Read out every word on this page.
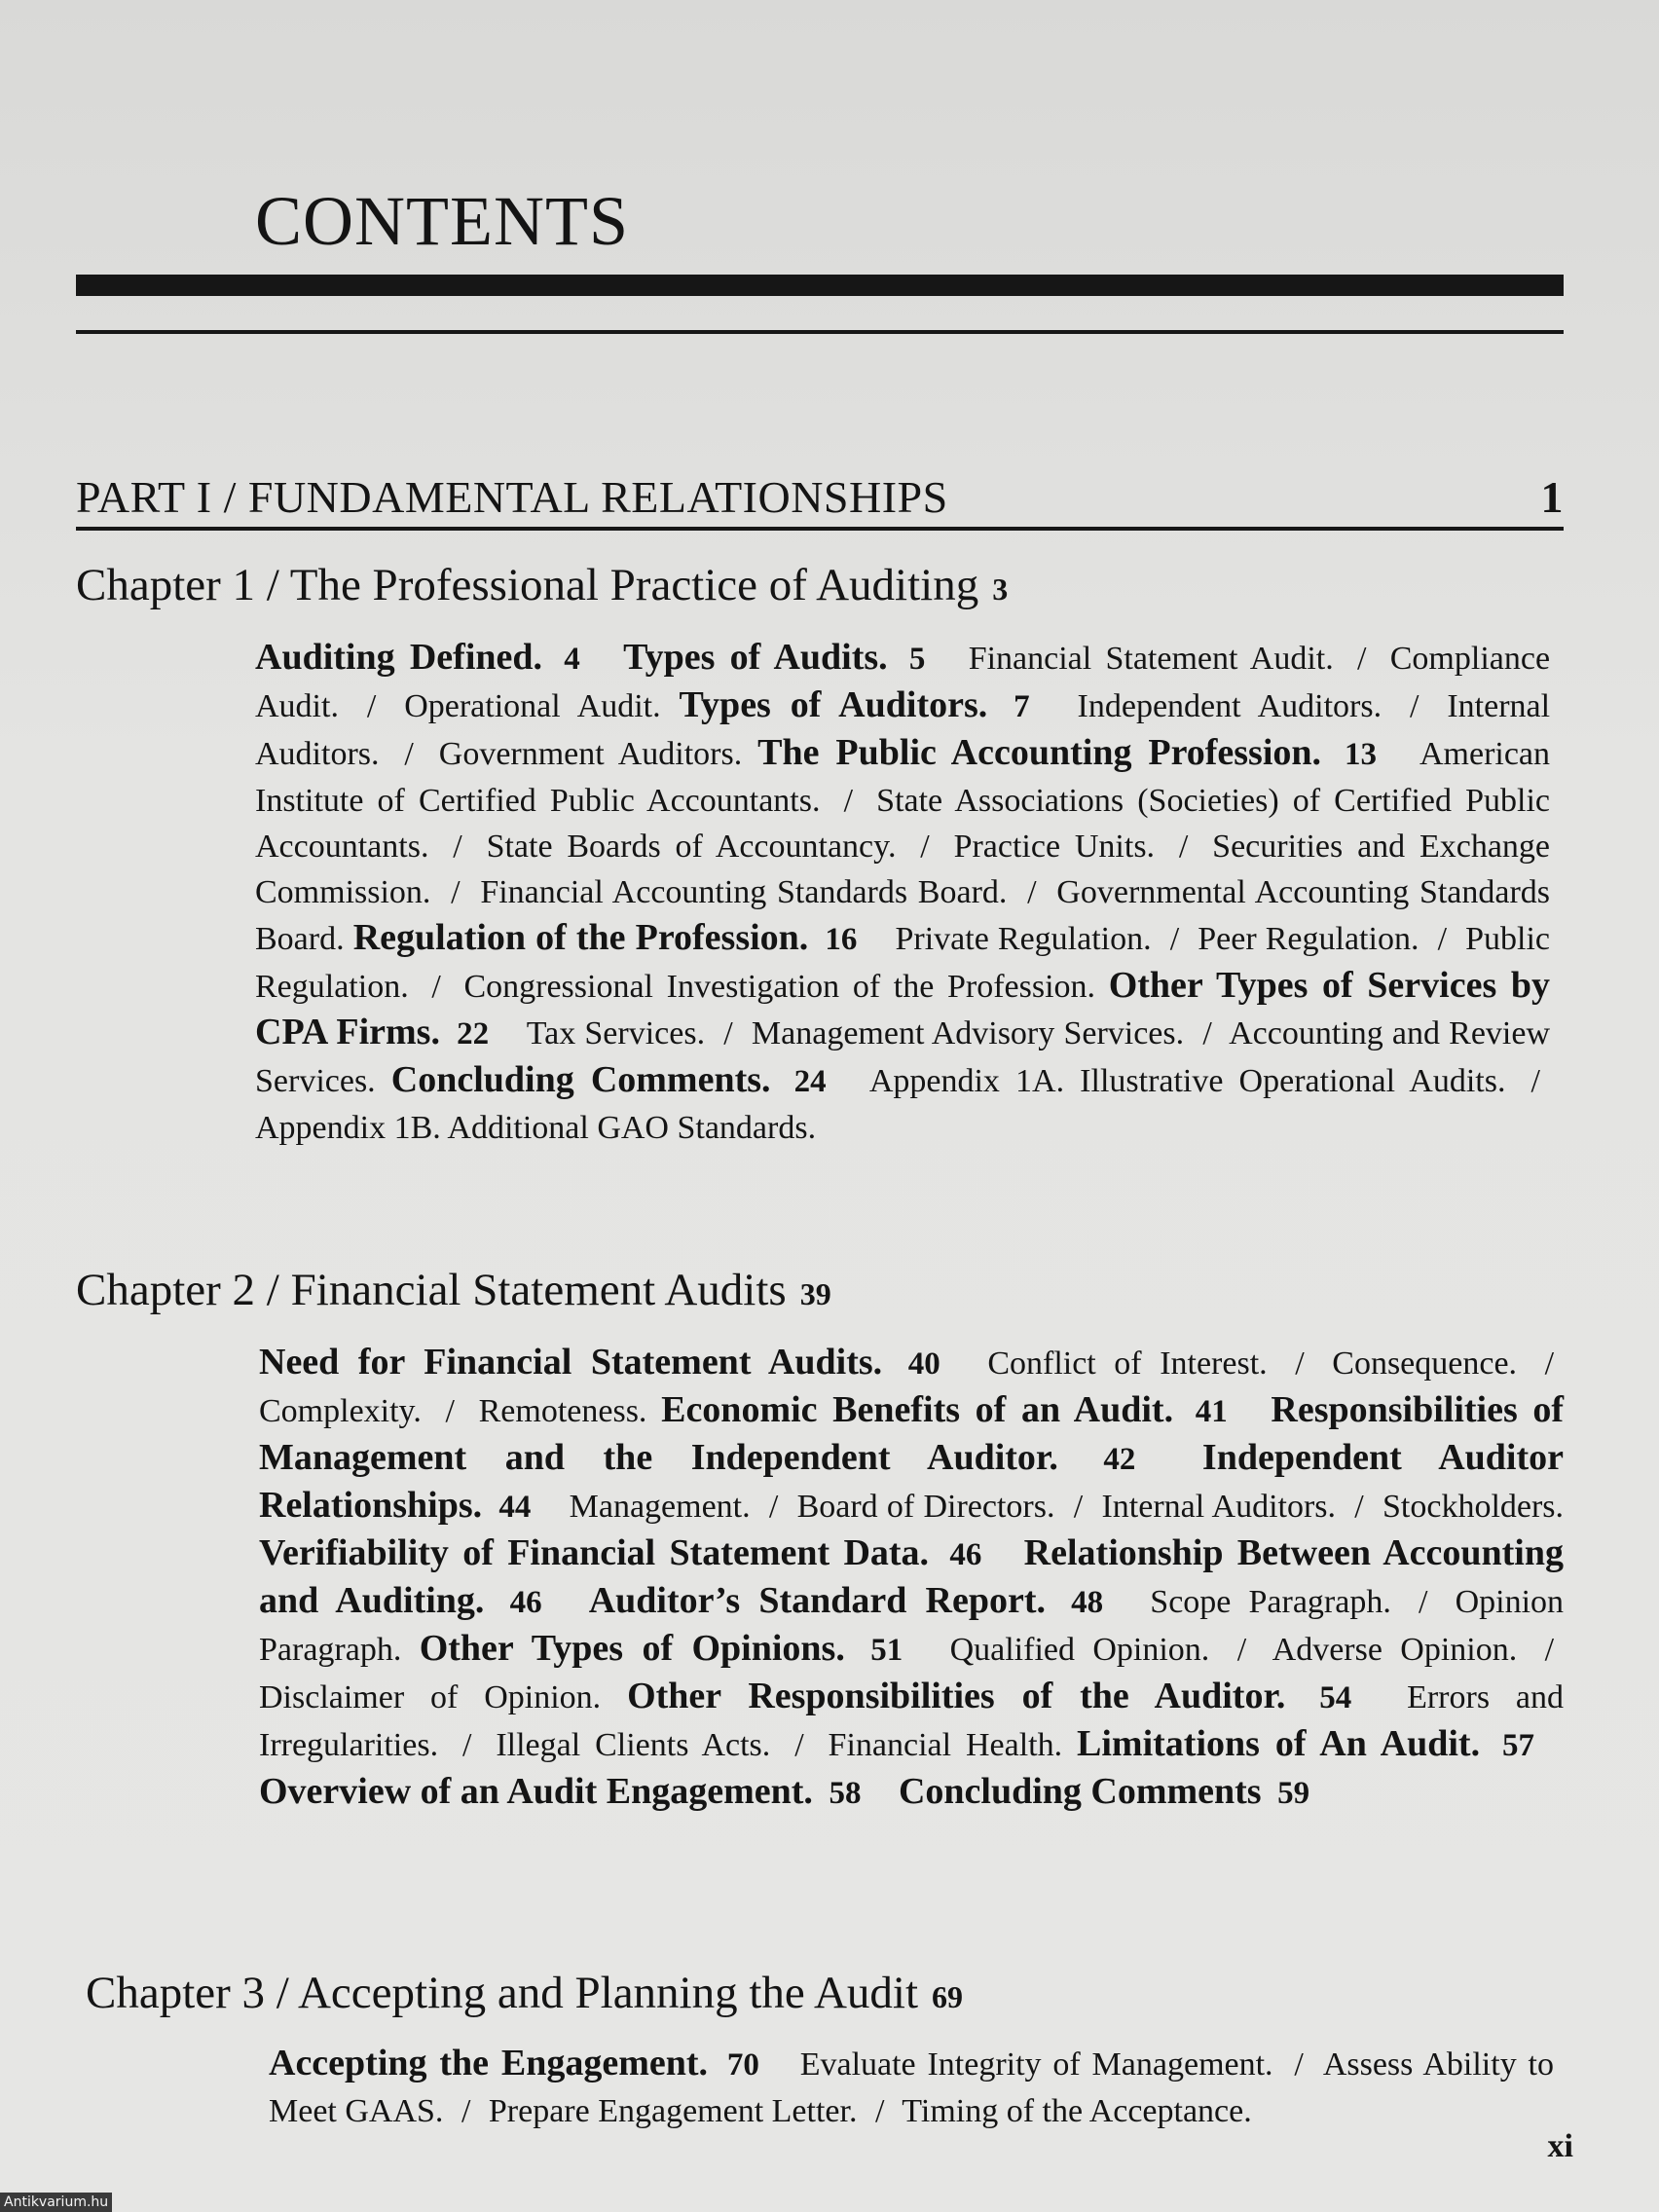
CONTENTS
PART I / FUNDAMENTAL RELATIONSHIPS	1
Chapter 1 / The Professional Practice of Auditing 3
Auditing Defined. 4 Types of Audits. 5 Financial Statement Audit. / Compliance Audit. / Operational Audit. Types of Auditors. 7 Independent Auditors. / Internal Auditors. / Government Auditors. The Public Accounting Profession. 13 American Institute of Certified Public Accountants. / State Associations (Societies) of Certified Public Accountants. / State Boards of Accountancy. / Practice Units. / Securities and Exchange Commission. / Financial Accounting Standards Board. / Governmental Accounting Standards Board. Regulation of the Profession. 16 Private Regulation. / Peer Regulation. / Public Regulation. / Congressional Investigation of the Profession. Other Types of Services by CPA Firms. 22 Tax Services. / Management Advisory Services. / Accounting and Review Services. Concluding Comments. 24 Appendix 1A. Illustrative Operational Audits. / Appendix 1B. Additional GAO Standards.
Chapter 2 / Financial Statement Audits 39
Need for Financial Statement Audits. 40 Conflict of Interest. / Consequence. / Complexity. / Remoteness. Economic Benefits of an Audit. 41 Responsibilities of Management and the Independent Auditor. 42 Independent Auditor Relationships. 44 Management. / Board of Directors. / Internal Auditors. / Stockholders. Verifiability of Financial Statement Data. 46 Relationship Between Accounting and Auditing. 46 Auditor’s Standard Report. 48 Scope Paragraph. / Opinion Paragraph. Other Types of Opinions. 51 Qualified Opinion. / Adverse Opinion. / Disclaimer of Opinion. Other Responsibilities of the Auditor. 54 Errors and Irregularities. / Illegal Clients Acts. / Financial Health. Limitations of An Audit. 57 Overview of an Audit Engagement. 58 Concluding Comments 59
Chapter 3 / Accepting and Planning the Audit 69
Accepting the Engagement. 70 Evaluate Integrity of Management. / Assess Ability to Meet GAAS. / Prepare Engagement Letter. / Timing of the Acceptance.
xi
Antikvarium.hu
